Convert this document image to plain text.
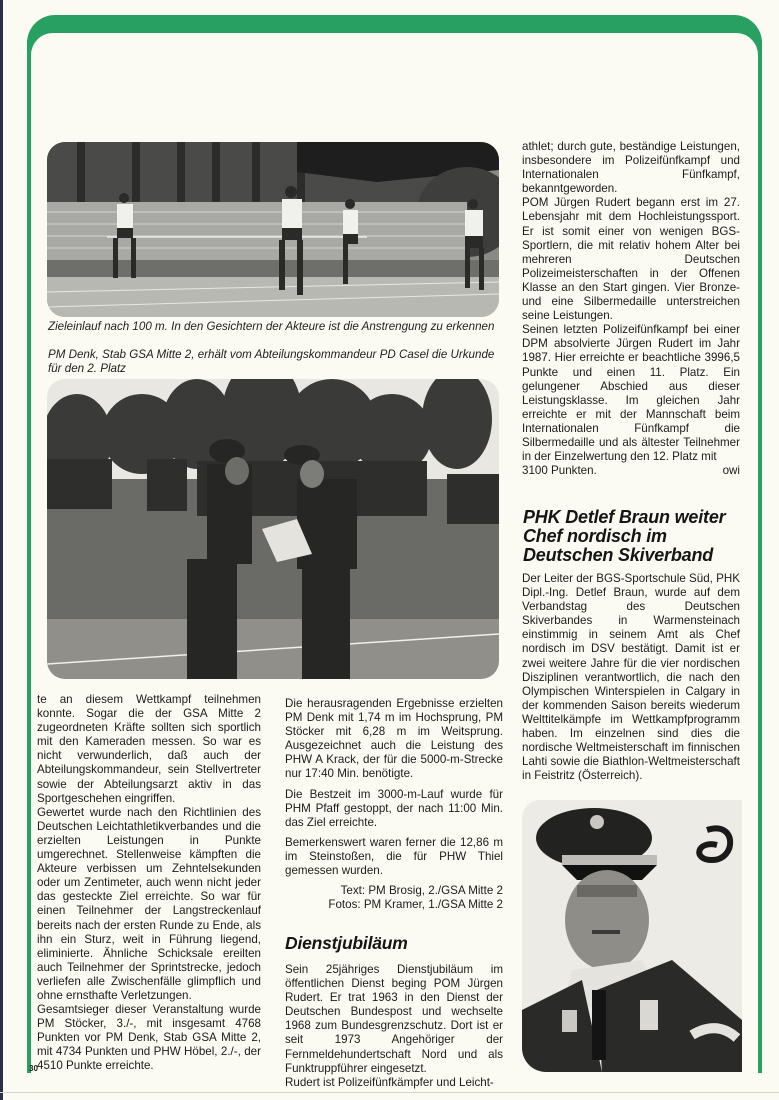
Zieleinlauf nach 100 m. In den Gesichtern der Akteure ist die Anstrengung zu erkennen
PM Denk, Stab GSA Mitte 2, erhält vom Abteilungskommandeur PD Casel die Urkunde für den 2. Platz

te an diesem Wettkampf teilnehmen konnte. Sogar die der GSA Mitte 2 zugeordneten Kräfte sollten sich sportlich mit den Kameraden messen. So war es nicht verwunderlich, daß auch der Abteilungskommandeur, sein Stellvertreter sowie der Abteilungsarzt aktiv in das Sportgeschehen eingriffen.

Gewertet wurde nach den Richtlinien des Deutschen Leichtathletikverbandes und die erzielten Leistungen in Punkte umgerechnet. Stellenweise kämpften die Akteure verbissen um Zehntelsekunden oder um Zentimeter, auch wenn nicht jeder das gesteckte Ziel erreichte. So war für einen Teilnehmer der Langstreckenlauf bereits nach der ersten Runde zu Ende, als ihn ein Sturz, weit in Führung liegend, eliminierte. Ähnliche Schicksale ereilten auch Teilnehmer der Sprintstrecke, jedoch verliefen alle Zwischenfälle glimpflich und ohne ernsthafte Verletzungen.

Gesamtsieger dieser Veranstaltung wurde PM Stöcker, 3./-, mit insgesamt 4768 Punkten vor PM Denk, Stab GSA Mitte 2, mit 4734 Punkten und PHW Höbel, 2./-, der 4510 Punkte erreichte.

30

Die herausragenden Ergebnisse erzielten PM Denk mit 1,74 m im Hochsprung, PM Stöcker mit 6,28 m im Weitsprung. Ausgezeichnet auch die Leistung des PHW A Krack, der für die 5000-m-Strecke nur 17:40 Min. benötigte.

Die Bestzeit im 3000-m-Lauf wurde für PHM Pfaff gestoppt, der nach 11:00 Min. das Ziel erreichte.

Bemerkenswert waren ferner die 12,86 m im Steinstoßen, die für PHW Thiel gemessen wurden.

Text: PM Brosig, 2./GSA Mitte 2

Fotos: PM Kramer, 1./GSA Mitte 2

Dienstjubiläum

Sein 25jähriges Dienstjubiläum im öffentlichen Dienst beging POM Jürgen Rudert. Er trat 1963 in den Dienst der Deutschen Bundespost und wechselte 1968 zum Bundesgrenzschutz. Dort ist er seit 1973 Angehöriger der Fernmeldehundertschaft Nord und als Funktruppführer eingesetzt.

Rudert ist Polizeifünfkämpfer und Leicht-

athlet; durch gute, beständige Leistungen, insbesondere im Polizeifünfkampf und Internationalen Fünfkampf, bekanntgeworden.

POM Jürgen Rudert begann erst im 27. Lebensjahr mit dem Hochleistungssport. Er ist somit einer von wenigen BGS-Sportlern, die mit relativ hohem Alter bei mehreren Deutschen Polizeimeisterschaften in der Offenen Klasse an den Start gingen. Vier Bronze- und eine Silbermedaille unterstreichen seine Leistungen.

Seinen letzten Polizeifünfkampf bei einer DPM absolvierte Jürgen Rudert im Jahr 1987. Hier erreichte er beachtliche 3996,5 Punkte und einen 11. Platz. Ein gelungener Abschied aus dieser Leistungsklasse. Im gleichen Jahr erreichte er mit der Mannschaft beim Internationalen Fünfkampf die Silbermedaille und als ältester Teilnehmer in der Einzelwertung den 12. Platz mit

3100 Punkten.	owi

PHK Detlef Braun weiter
Chef nordisch im
Deutschen Skiverband

Der Leiter der BGS-Sportschule Süd, PHK Dipl.-Ing. Detlef Braun, wurde auf dem Verbandstag des Deutschen Skiverbandes in Warmensteinach einstimmig in seinem Amt als Chef nordisch im DSV bestätigt. Damit ist er zwei weitere Jahre für die vier nordischen Disziplinen verantwortlich, die nach den Olympischen Winterspielen in Calgary in der kommenden Saison bereits wiederum Welttitelkämpfe im Wettkampfprogramm haben. Im einzelnen sind dies die nordische Weltmeisterschaft im finnischen Lahti sowie die Biathlon-Weltmeisterschaft in Feistritz (Österreich).
